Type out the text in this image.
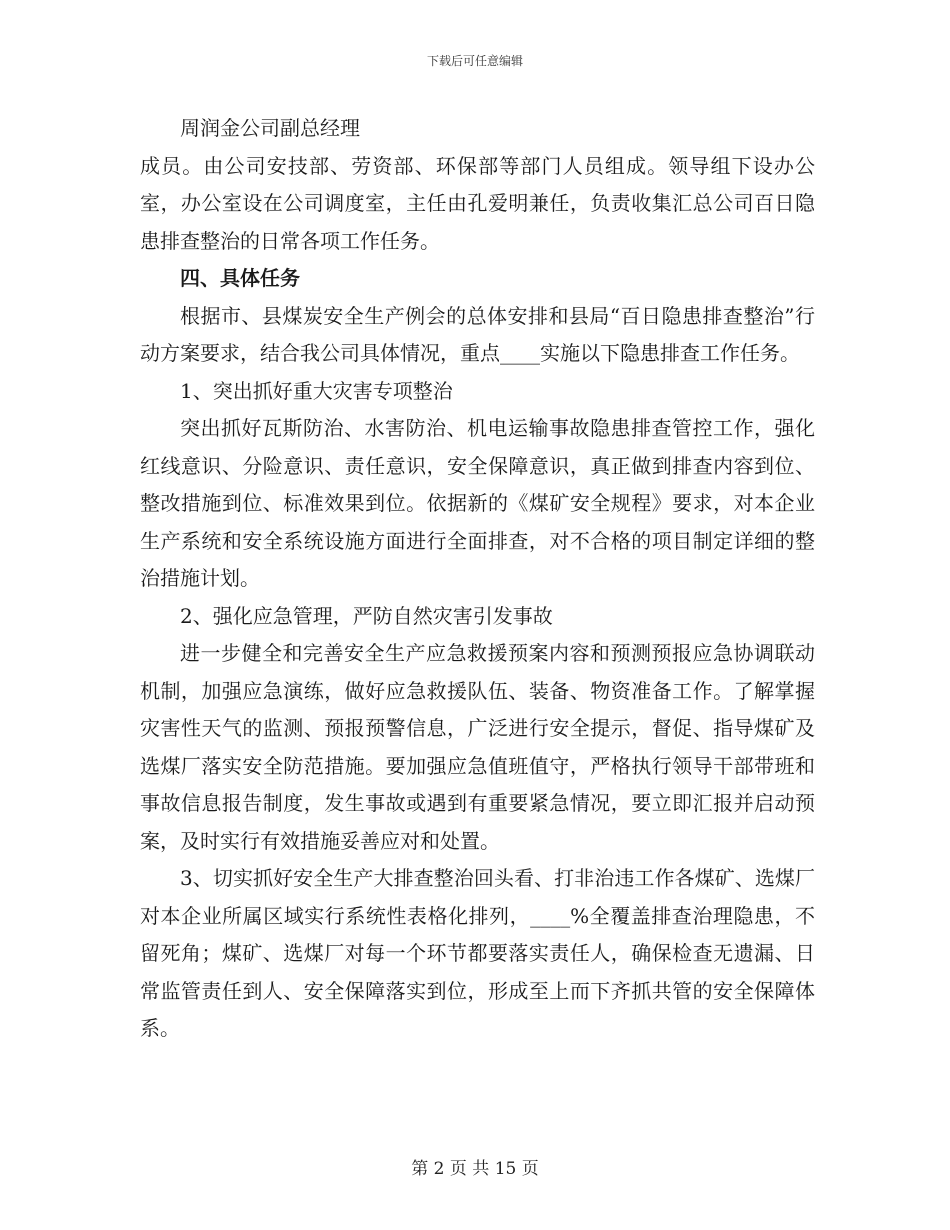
下载后可任意编辑

周润金公司副总经理

成员。由公司安技部、劳资部、环保部等部门人员组成。领导组下设办公室，办公室设在公司调度室，主任由孔爱明兼任，负责收集汇总公司百日隐患排查整治的日常各项工作任务。

四、具体任务

根据市、县煤炭安全生产例会的总体安排和县局“百日隐患排查整治”行动方案要求，结合我公司具体情况，重点____实施以下隐患排查工作任务。

1、突出抓好重大灾害专项整治

突出抓好瓦斯防治、水害防治、机电运输事故隐患排查管控工作，强化红线意识、分险意识、责任意识，安全保障意识，真正做到排查内容到位、整改措施到位、标准效果到位。依据新的《煤矿安全规程》要求，对本企业生产系统和安全系统设施方面进行全面排查，对不合格的项目制定详细的整治措施计划。

2、强化应急管理，严防自然灾害引发事故

进一步健全和完善安全生产应急救援预案内容和预测预报应急协调联动机制，加强应急演练，做好应急救援队伍、装备、物资准备工作。了解掌握灾害性天气的监测、预报预警信息，广泛进行安全提示，督促、指导煤矿及选煤厂落实安全防范措施。要加强应急值班值守，严格执行领导干部带班和事故信息报告制度，发生事故或遇到有重要紧急情况，要立即汇报并启动预案，及时实行有效措施妥善应对和处置。

3、切实抓好安全生产大排查整治回头看、打非治违工作各煤矿、选煤厂对本企业所属区域实行系统性表格化排列，____%全覆盖排查治理隐患，不留死角；煤矿、选煤厂对每一个环节都要落实责任人，确保检查无遗漏、日常监管责任到人、安全保障落实到位，形成至上而下齐抓共管的安全保障体系。

第 2 页 共 15 页
